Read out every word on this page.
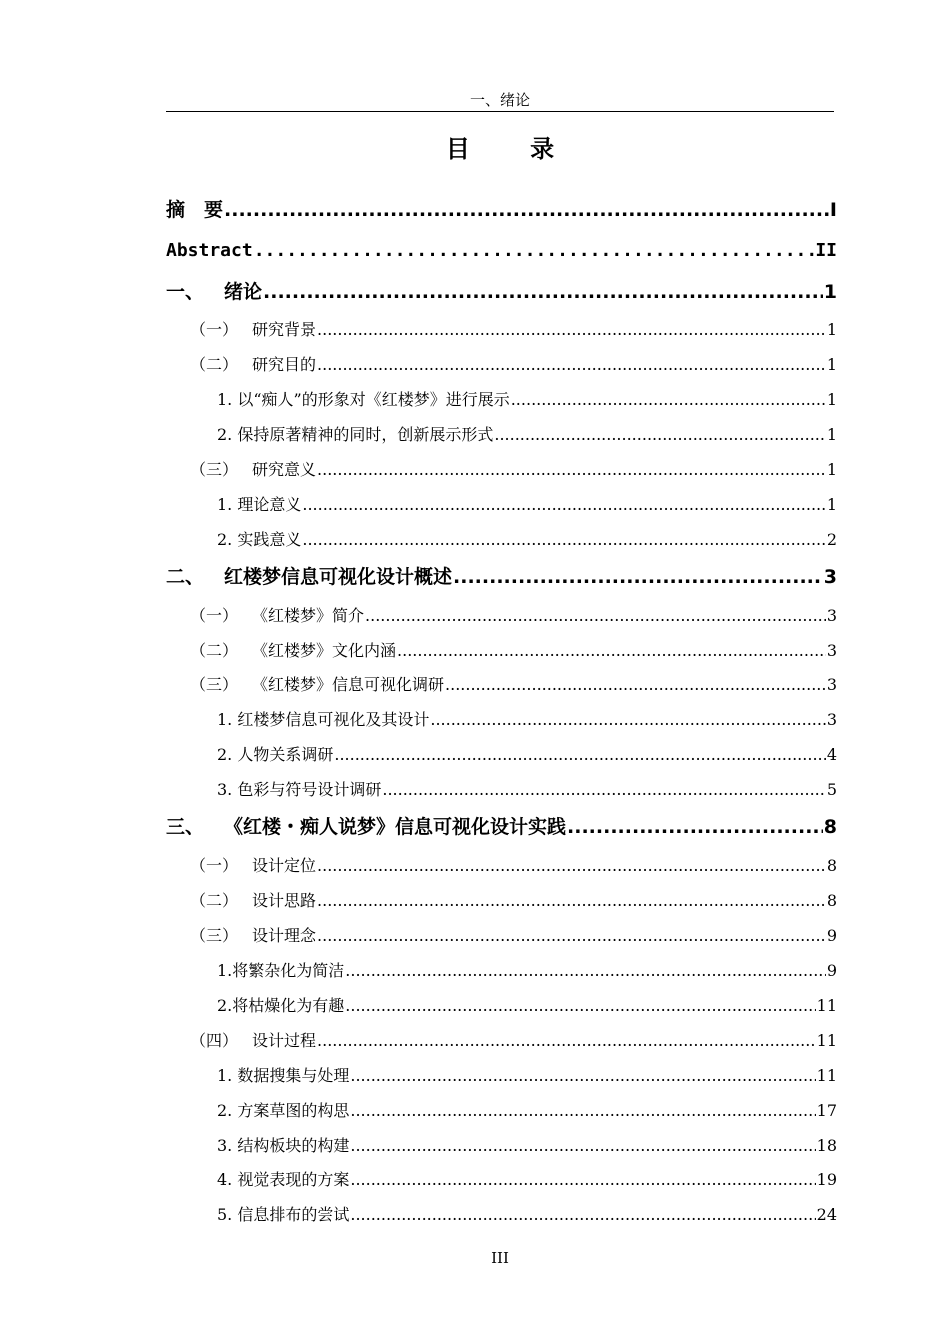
一、绪论
目 录
摘　要 .....	I
Abstract .....	II
一、 绪论 .....	1
（一） 研究背景 .....	1
（二） 研究目的 .....	1
1. 以“痴人”的形象对《红楼梦》进行展示 .....	1
2. 保持原著精神的同时，创新展示形式 .....	1
（三） 研究意义 .....	1
1. 理论意义 .....	1
2. 实践意义 .....	2
二、 红楼梦信息可视化设计概述 .....	3
（一） 《红楼梦》简介 .....	3
（二） 《红楼梦》文化内涵 .....	3
（三） 《红楼梦》信息可视化调研 .....	3
1. 红楼梦信息可视化及其设计 .....	3
2. 人物关系调研 .....	4
3. 色彩与符号设计调研 .....	5
三、 《红楼・痴人说梦》信息可视化设计实践 .....	8
（一） 设计定位 .....	8
（二） 设计思路 .....	8
（三） 设计理念 .....	9
1.将繁杂化为简洁 .....	9
2.将枯燥化为有趣 .....	11
（四） 设计过程 .....	11
1. 数据搜集与处理 .....	11
2. 方案草图的构思 .....	17
3. 结构板块的构建 .....	18
4. 视觉表现的方案 .....	19
5. 信息排布的尝试 .....	24
III
